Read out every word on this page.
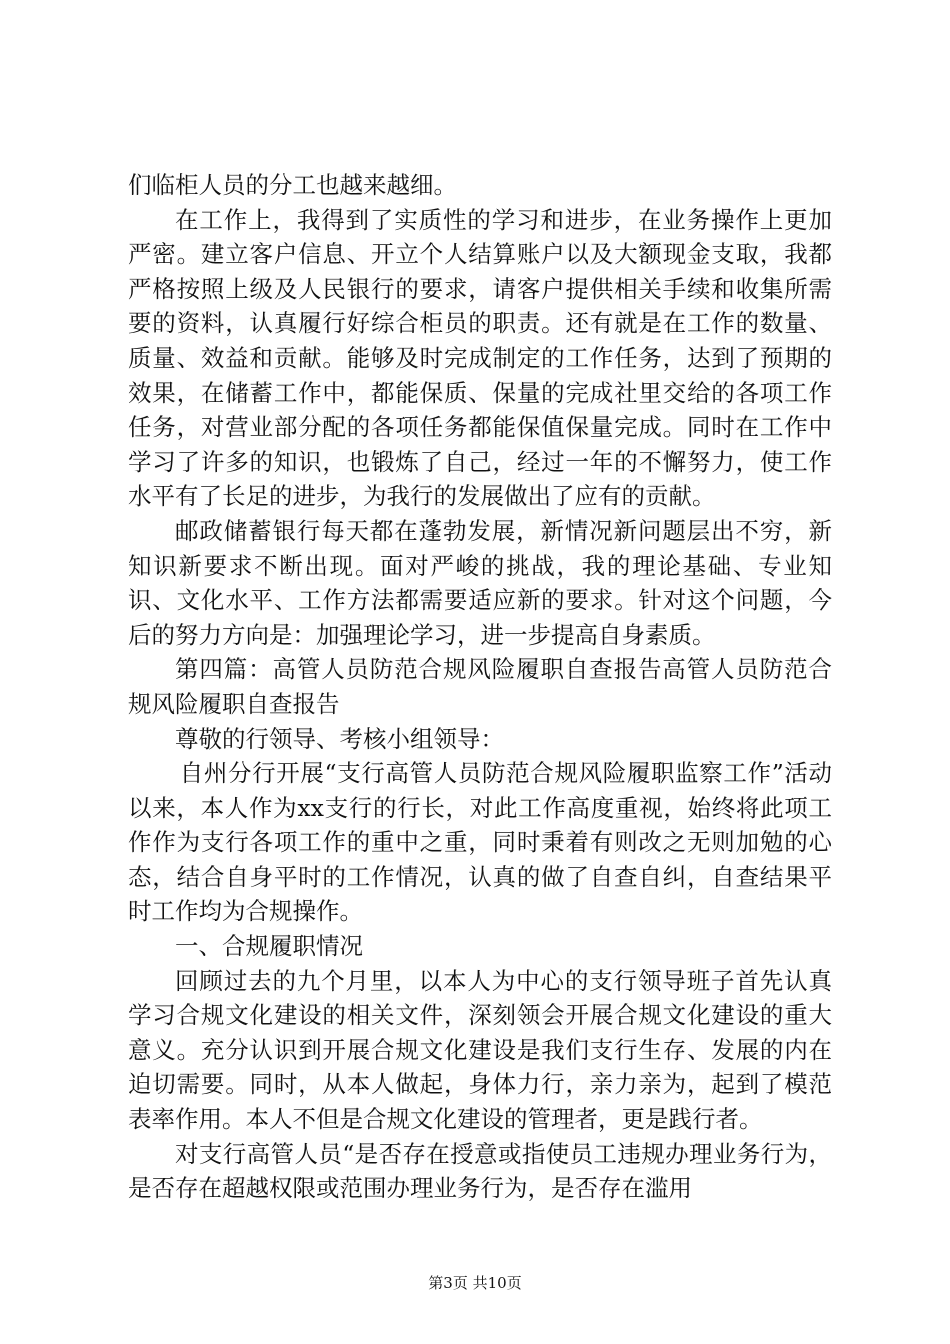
们临柜人员的分工也越来越细。

在工作上，我得到了实质性的学习和进步，在业务操作上更加严密。建立客户信息、开立个人结算账户以及大额现金支取，我都严格按照上级及人民银行的要求，请客户提供相关手续和收集所需要的资料，认真履行好综合柜员的职责。还有就是在工作的数量、质量、效益和贡献。能够及时完成制定的工作任务，达到了预期的效果，在储蓄工作中，都能保质、保量的完成社里交给的各项工作任务，对营业部分配的各项任务都能保值保量完成。同时在工作中学习了许多的知识，也锻炼了自己，经过一年的不懈努力，使工作水平有了长足的进步，为我行的发展做出了应有的贡献。

邮政储蓄银行每天都在蓬勃发展，新情况新问题层出不穷，新知识新要求不断出现。面对严峻的挑战，我的理论基础、专业知识、文化水平、工作方法都需要适应新的要求。针对这个问题，今后的努力方向是：加强理论学习，进一步提高自身素质。

第四篇：高管人员防范合规风险履职自查报告高管人员防范合规风险履职自查报告

尊敬的行领导、考核小组领导：

自州分行开展“支行高管人员防范合规风险履职监察工作”活动以来，本人作为xx支行的行长，对此工作高度重视，始终将此项工作作为支行各项工作的重中之重，同时秉着有则改之无则加勉的心态，结合自身平时的工作情况，认真的做了自查自纠，自查结果平时工作均为合规操作。

一、合规履职情况

回顾过去的九个月里，以本人为中心的支行领导班子首先认真学习合规文化建设的相关文件，深刻领会开展合规文化建设的重大意义。充分认识到开展合规文化建设是我们支行生存、发展的内在迫切需要。同时，从本人做起，身体力行，亲力亲为，起到了模范表率作用。本人不但是合规文化建设的管理者，更是践行者。

对支行高管人员“是否存在授意或指使员工违规办理业务行为，是否存在超越权限或范围办理业务行为，是否存在滥用

第3页 共10页
